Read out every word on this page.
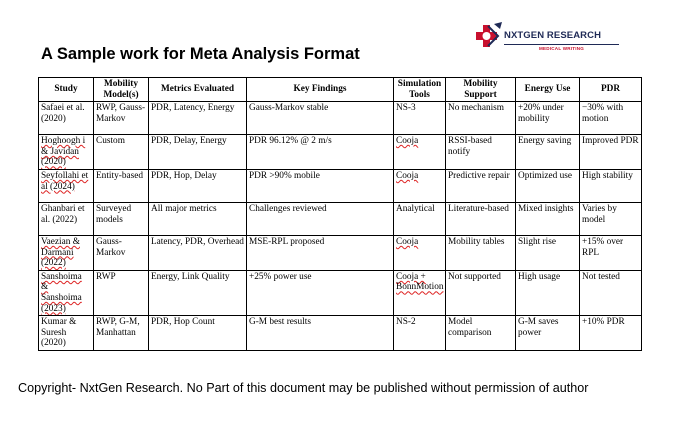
A Sample work for Meta Analysis Format
NXTGEN RESEARCH
MEDICAL WRITING
Study	Mobility Model(s)	Metrics Evaluated	Key Findings	Simulation Tools	Mobility Support	Energy Use	PDR
Safaei et al. (2020)	RWP, Gauss-Markov	PDR, Latency, Energy	Gauss-Markov stable	NS-3	No mechanism	+20% under mobility	−30% with motion
Hoghoogh i & Javidan (2020)	Custom	PDR, Delay, Energy	PDR 96.12% @ 2 m/s	Cooja	RSSI-based notify	Energy saving	Improved PDR
Seyfollahi et al (2024)	Entity-based	PDR, Hop, Delay	PDR >90% mobile	Cooja	Predictive repair	Optimized use	High stability
Ghanbari et al. (2022)	Surveyed models	All major metrics	Challenges reviewed	Analytical	Literature-based	Mixed insights	Varies by model
Vaezian & Darmani (2022)	Gauss-Markov	Latency, PDR, Overhead	MSE-RPL proposed	Cooja	Mobility tables	Slight rise	+15% over RPL
Sanshoima & Sanshoima (2023)	RWP	Energy, Link Quality	+25% power use	Cooja + BonnMotion	Not supported	High usage	Not tested
Kumar & Suresh (2020)	RWP, G-M, Manhattan	PDR, Hop Count	G-M best results	NS-2	Model comparison	G-M saves power	+10% PDR
Copyright- NxtGen Research. No Part of this document may be published without permission of author
